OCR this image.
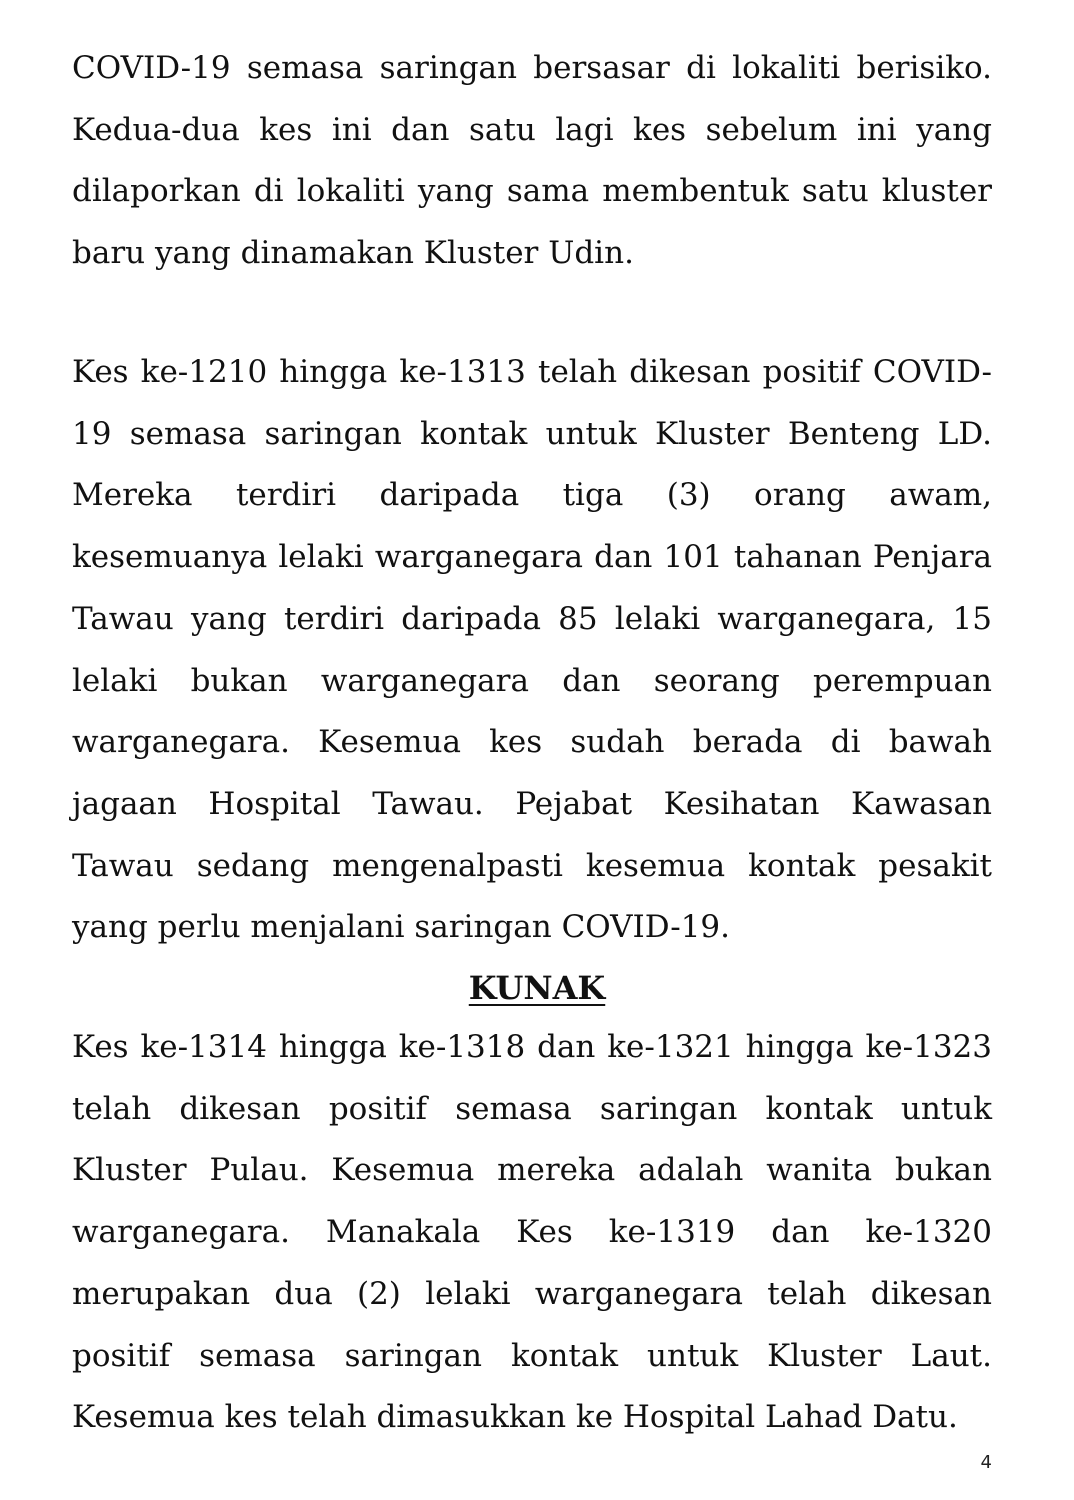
COVID-19 semasa saringan bersasar di lokaliti berisiko. Kedua-dua kes ini dan satu lagi kes sebelum ini yang dilaporkan di lokaliti yang sama membentuk satu kluster baru yang dinamakan Kluster Udin.

Kes ke-1210 hingga ke-1313 telah dikesan positif COVID-19 semasa saringan kontak untuk Kluster Benteng LD. Mereka terdiri daripada tiga (3) orang awam, kesemuanya lelaki warganegara dan 101 tahanan Penjara Tawau yang terdiri daripada 85 lelaki warganegara, 15 lelaki bukan warganegara dan seorang perempuan warganegara. Kesemua kes sudah berada di bawah jagaan Hospital Tawau. Pejabat Kesihatan Kawasan Tawau sedang mengenalpasti kesemua kontak pesakit yang perlu menjalani saringan COVID-19.

KUNAK

Kes ke-1314 hingga ke-1318 dan ke-1321 hingga ke-1323 telah dikesan positif semasa saringan kontak untuk Kluster Pulau. Kesemua mereka adalah wanita bukan warganegara. Manakala Kes ke-1319 dan ke-1320 merupakan dua (2) lelaki warganegara telah dikesan positif semasa saringan kontak untuk Kluster Laut. Kesemua kes telah dimasukkan ke Hospital Lahad Datu.

4
